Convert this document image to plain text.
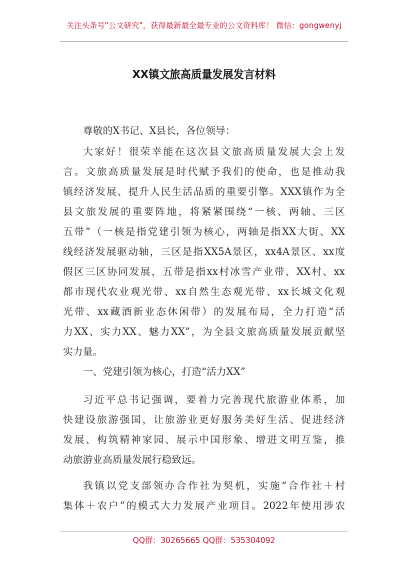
关注头条号"公文研究"，获得最新最全最专业的公文资料库！ 微信：gongwenyj
XX镇文旅高质量发展发言材料
尊敬的X书记、X县长，各位领导：
大家好！很荣幸能在这次县文旅高质量发展大会上发
言。文旅高质量发展是时代赋予我们的使命，也是推动我
镇经济发展、提升人民生活品质的重要引擎。XXX镇作为全
县文旅发展的重要阵地，将紧紧围绕“一核、两轴、三区
五带”（一核是指党建引领为核心，两轴是指XX大街、XX
线经济发展驱动轴，三区是指XX5A景区，xx4A景区、xx度
假区三区协同发展，五带是指xx村冰雪产业带、XX村、xx
都市现代农业观光带、xx自然生态观光带、xx长城文化观
光带、xx藏酒新业态休闲带）的发展布局，全力打造“活
力XX、实力XX、魅力XX”，为全县文旅高质量发展贡献坚
实力量。
一、党建引领为核心，打造“活力XX”
习近平总书记强调，要着力完善现代旅游业体系，加
快建设旅游强国，让旅游业更好服务美好生活、促进经济
发展、构筑精神家园、展示中国形象、增进文明互鉴，推
动旅游业高质量发展行稳致远。
我镇以党支部领办合作社为契机，实施“合作社＋村
集体＋农户”的模式大力发展产业项目。2022年使用涉农
QQ群：30265665 QQ群：535304092
